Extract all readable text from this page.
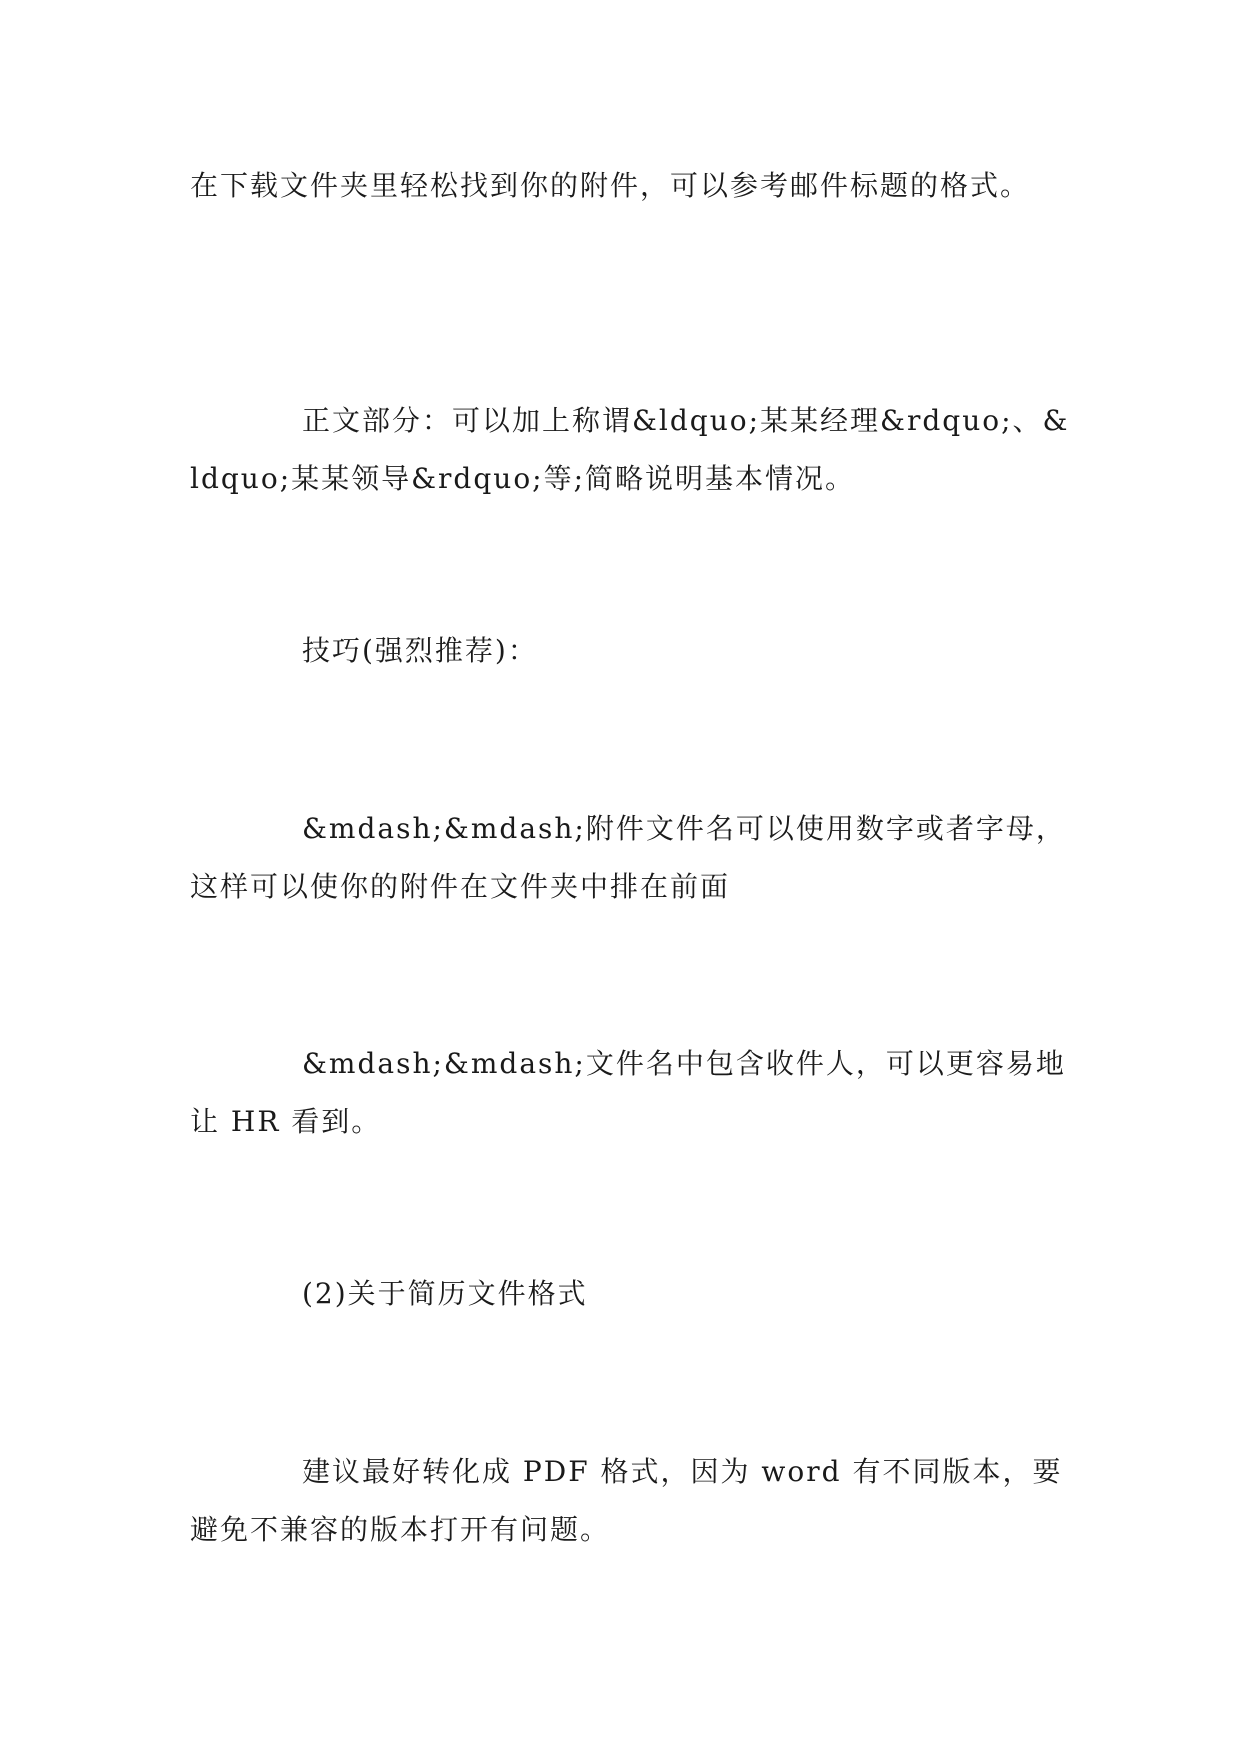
在下载文件夹里轻松找到你的附件，可以参考邮件标题的格式。

正文部分：可以加上称谓&ldquo;某某经理&rdquo;、&ldquo;某某领导&rdquo;等;简略说明基本情况。

技巧(强烈推荐)：

&mdash;&mdash;附件文件名可以使用数字或者字母，这样可以使你的附件在文件夹中排在前面

&mdash;&mdash;文件名中包含收件人，可以更容易地让 HR 看到。

(2)关于简历文件格式

建议最好转化成 PDF 格式，因为 word 有不同版本，要避免不兼容的版本打开有问题。
